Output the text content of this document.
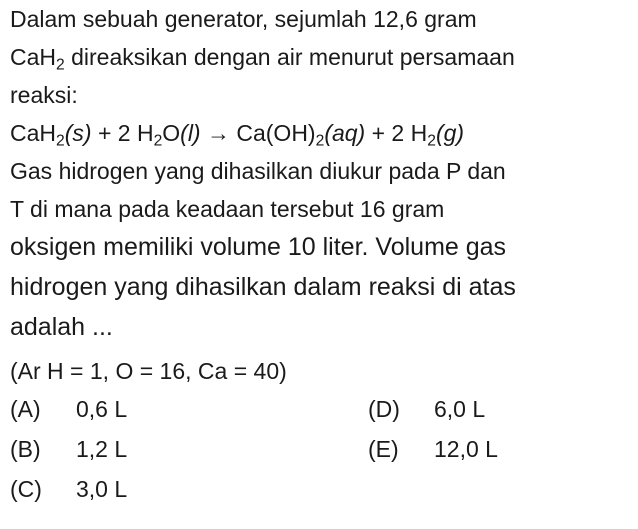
Dalam sebuah generator, sejumlah 12,6 gram
CaH$_2$ direaksikan dengan air menurut persamaan
reaksi:
CaH$_2$(s) + 2 $H_2O(l) \to Ca(OH)_2(aq) + 2$ $H_2(g)$
Gas hidrogen yang dihasilkan diukur pada P dan
T di mana pada keadaan tersebut 16 gram
oksigen memiliki volume 10 liter. Volume gas
hidrogen yang dihasilkan dalam reaksi di atas
adalah ...
(Ar H = 1, O = 16, Ca = 40)
(A) 0,6 L
(B) 1,2 L
(C) 3,0 L
(D) 6,0 L
(E) 12,0 L
